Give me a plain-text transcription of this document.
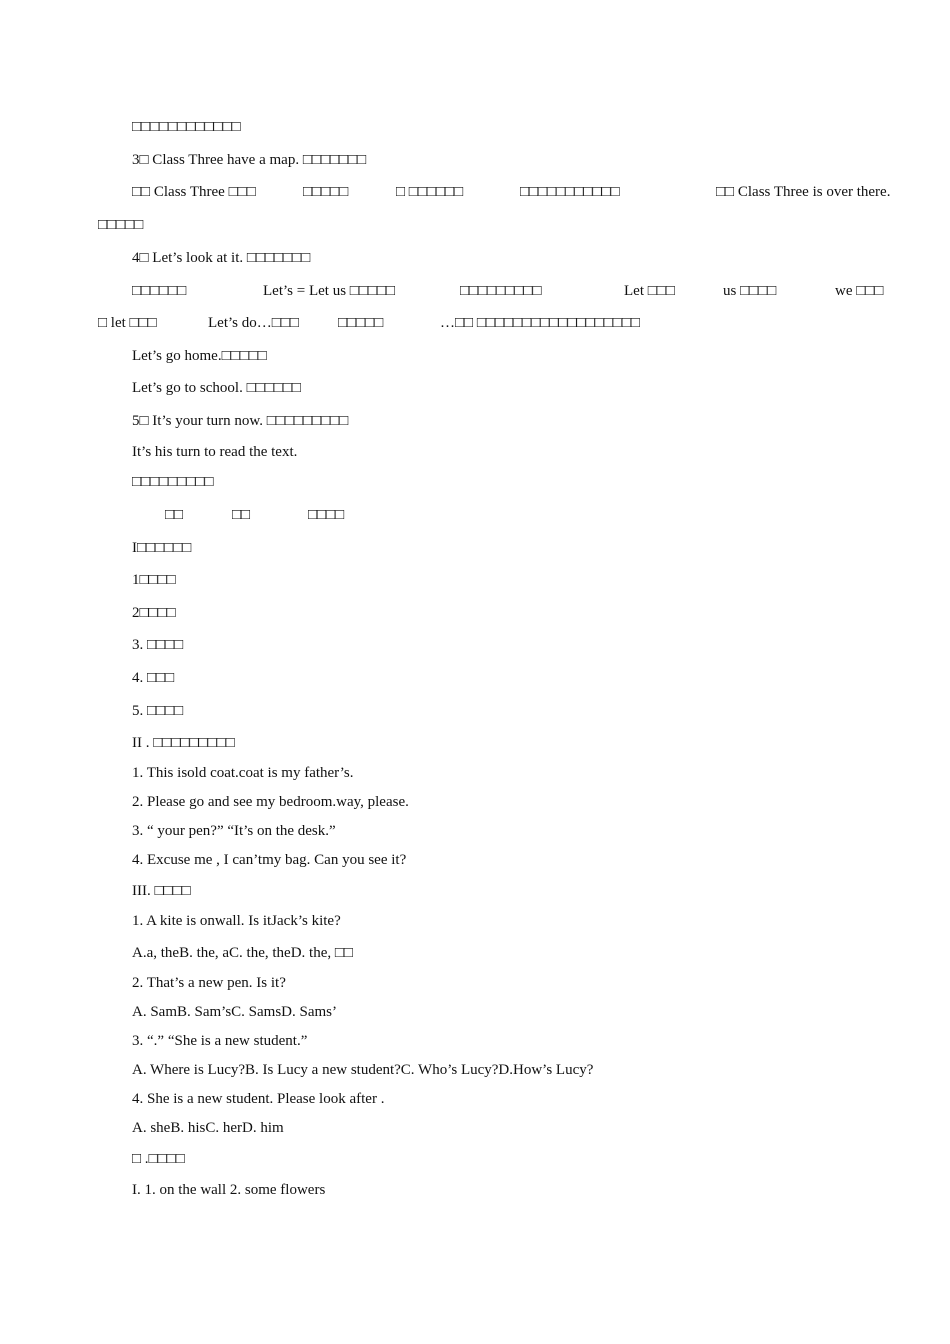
□□□□□□□□□□□□
3□ Class Three have a map. □□□□□□□
□□ Class Three □□□	□□□□□	□ □□□□□□	□□□□□□□□□□□	□□ Class Three is over there.
□□□□□
4□ Let’s look at it. □□□□□□□
□□□□□□	Let’s = Let us □□□□□	□□□□□□□□□	Let □□□	us □□□□	we □□□
□ let □□□	Let’s do…□□□	□□□□□	…□□ □□□□□□□□□□□□□□□□□□
Let’s go home.□□□□□
Let’s go to school. □□□□□□
5□ It’s your turn now. □□□□□□□□□
It’s his turn to read the text.
□□□□□□□□□
□□	□□	□□□□
I□□□□□□
1□□□□
2□□□□
3. □□□□
4. □□□
5. □□□□
II . □□□□□□□□□
1. This isold coat.coat is my father’s.
2. Please go and see my bedroom.way, please.
3. “ your pen?” “It’s on the desk.”
4. Excuse me , I can’tmy bag. Can you see it?
III. □□□□
1. A kite is onwall. Is itJack’s kite?
A.a, theB. the, aC. the, theD. the, □□
2. That’s a new pen. Is it?
A. SamB. Sam’sC. SamsD. Sams’
3. “.” “She is a new student.”
A. Where is Lucy?B. Is Lucy a new student?C. Who’s Lucy?D.How’s Lucy?
4. She is a new student. Please look after .
A. sheB. hisC. herD. him
□ .□□□□
I. 1. on the wall 2. some flowers
